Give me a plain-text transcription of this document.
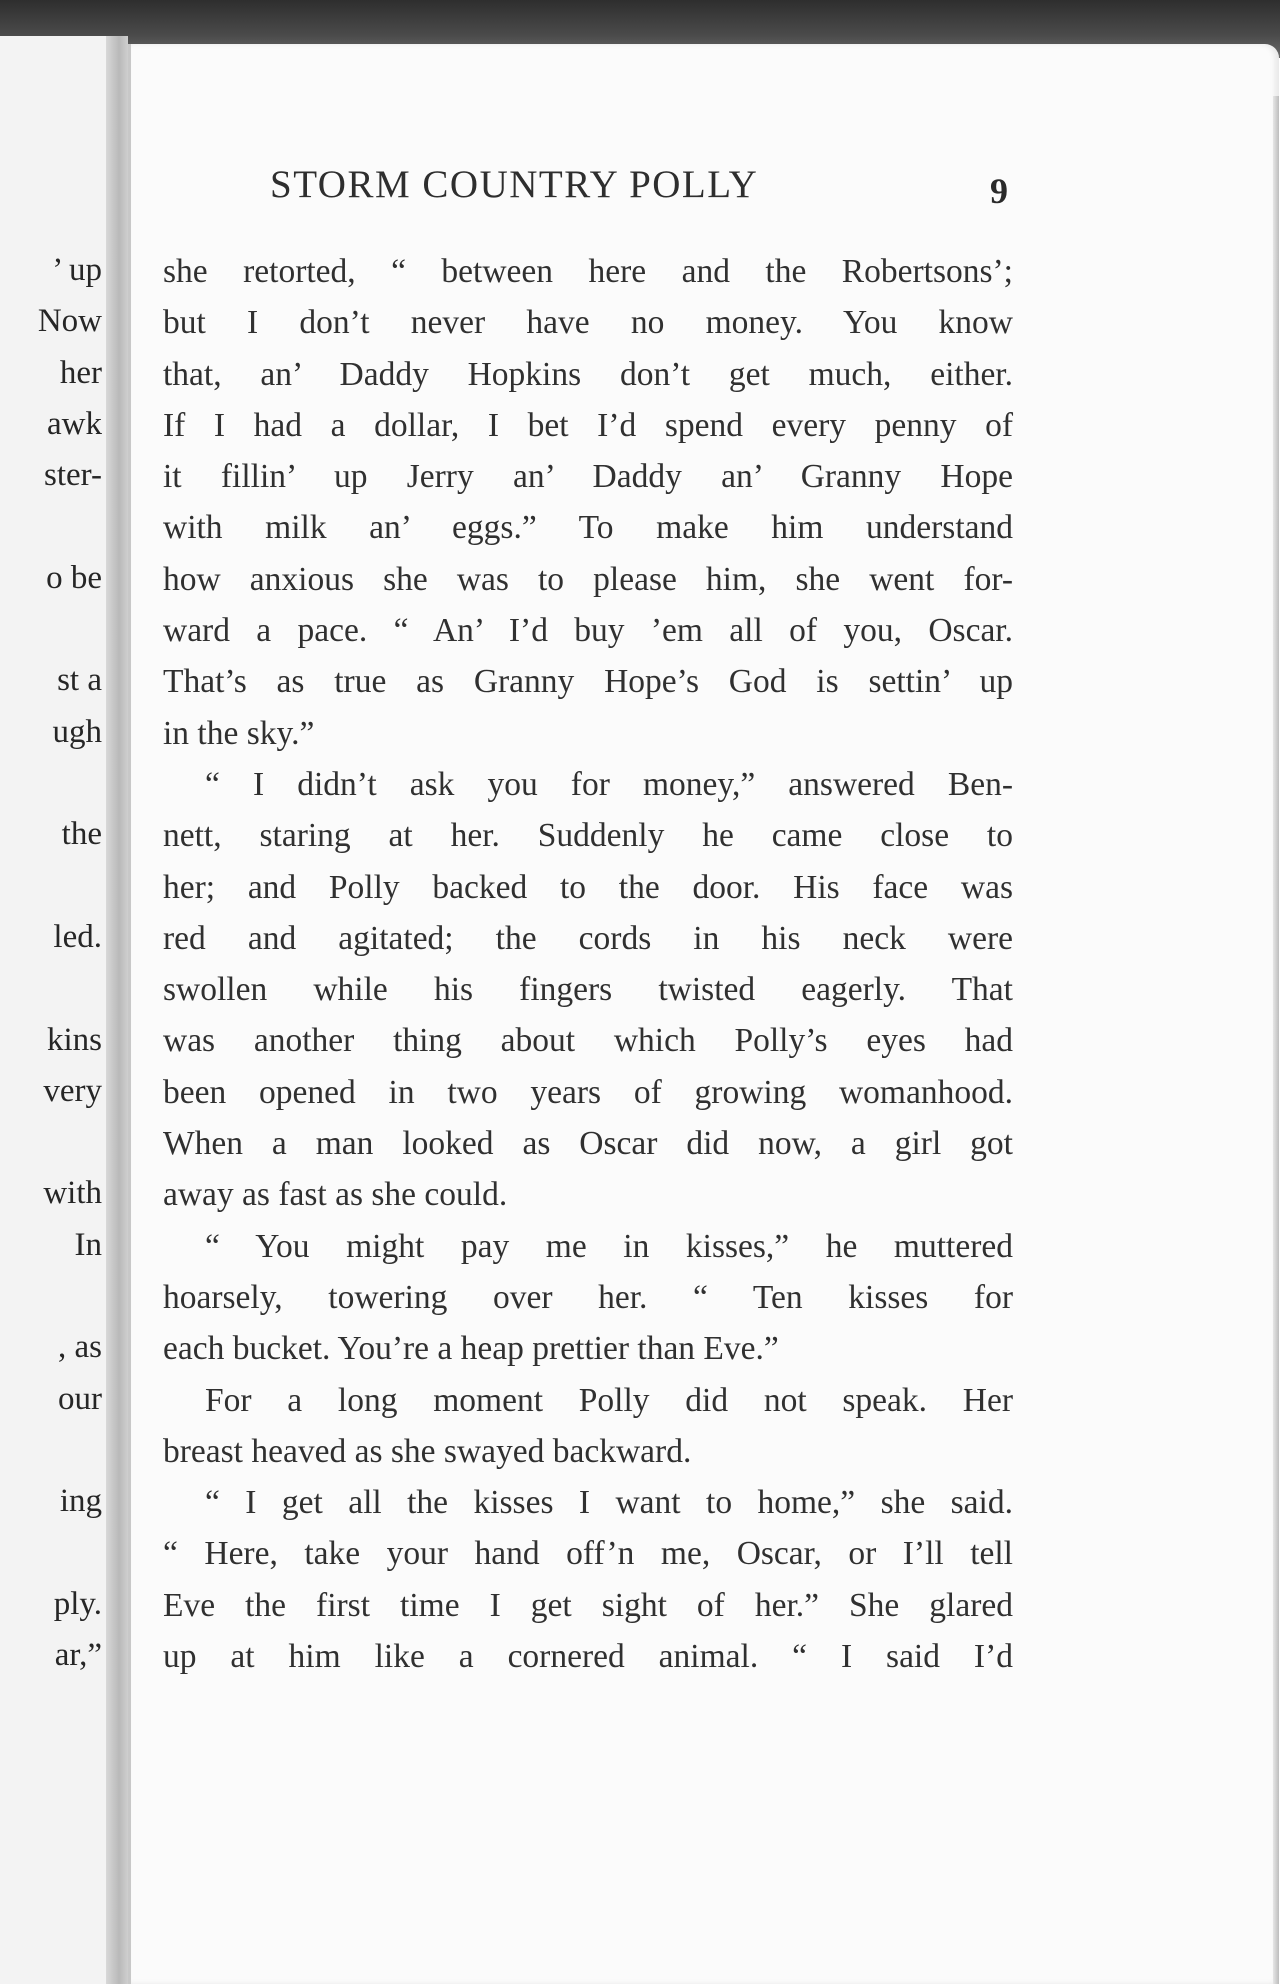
’ up
Now
her
awk
ster-
o be
st a
ugh
the
led.
kins
very
with
In
, as
our
ing
ply.
ar,”
STORM COUNTRY POLLY	9
she retorted, “ between here and the Robertsons’;
but I don’t never have no money. You know
that, an’ Daddy Hopkins don’t get much, either.
If I had a dollar, I bet I’d spend every penny of
it fillin’ up Jerry an’ Daddy an’ Granny Hope
with milk an’ eggs.” To make him understand
how anxious she was to please him, she went for-
ward a pace. “ An’ I’d buy ’em all of you, Oscar.
That’s as true as Granny Hope’s God is settin’ up
in the sky.”
“ I didn’t ask you for money,” answered Ben-
nett, staring at her. Suddenly he came close to
her; and Polly backed to the door. His face was
red and agitated; the cords in his neck were
swollen while his fingers twisted eagerly. That
was another thing about which Polly’s eyes had
been opened in two years of growing womanhood.
When a man looked as Oscar did now, a girl got
away as fast as she could.
“ You might pay me in kisses,” he muttered
hoarsely, towering over her. “ Ten kisses for
each bucket. You’re a heap prettier than Eve.”
For a long moment Polly did not speak. Her
breast heaved as she swayed backward.
“ I get all the kisses I want to home,” she said.
“ Here, take your hand off’n me, Oscar, or I’ll tell
Eve the first time I get sight of her.” She glared
up at him like a cornered animal. “ I said I’d
